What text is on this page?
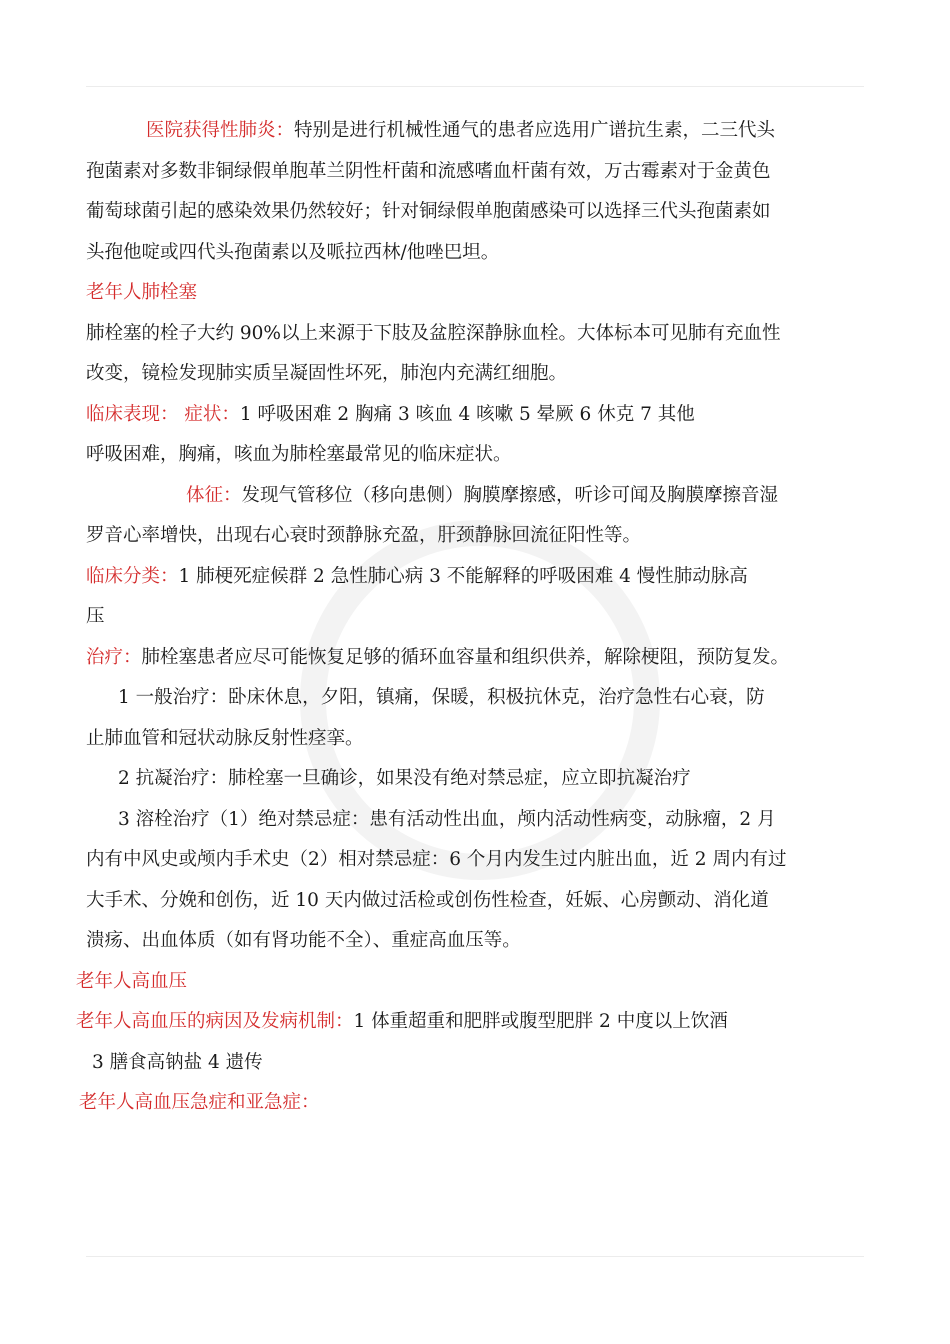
医院获得性肺炎：特别是进行机械性通气的患者应选用广谱抗生素，二三代头
孢菌素对多数非铜绿假单胞革兰阴性杆菌和流感嗜血杆菌有效，万古霉素对于金黄色
葡萄球菌引起的感染效果仍然较好；针对铜绿假单胞菌感染可以选择三代头孢菌素如
头孢他啶或四代头孢菌素以及哌拉西林/他唑巴坦。
老年人肺栓塞
肺栓塞的栓子大约 90%以上来源于下肢及盆腔深静脉血栓。大体标本可见肺有充血性
改变，镜检发现肺实质呈凝固性坏死，肺泡内充满红细胞。
临床表现： 症状：1 呼吸困难 2 胸痛 3 咳血 4 咳嗽 5 晕厥 6 休克 7 其他
呼吸困难，胸痛，咳血为肺栓塞最常见的临床症状。
体征：发现气管移位（移向患侧）胸膜摩擦感，听诊可闻及胸膜摩擦音湿
罗音心率增快，出现右心衰时颈静脉充盈，肝颈静脉回流征阳性等。
临床分类：1 肺梗死症候群 2 急性肺心病 3 不能解释的呼吸困难 4 慢性肺动脉高
压
治疗：肺栓塞患者应尽可能恢复足够的循环血容量和组织供养，解除梗阻，预防复发。
1 一般治疗：卧床休息，夕阳，镇痛，保暖，积极抗休克，治疗急性右心衰，防
止肺血管和冠状动脉反射性痉挛。
2 抗凝治疗：肺栓塞一旦确诊，如果没有绝对禁忌症，应立即抗凝治疗
3 溶栓治疗（1）绝对禁忌症：患有活动性出血，颅内活动性病变，动脉瘤，2 月
内有中风史或颅内手术史（2）相对禁忌症：6 个月内发生过内脏出血，近 2 周内有过
大手术、分娩和创伤，近 10 天内做过活检或创伤性检查，妊娠、心房颤动、消化道
溃疡、出血体质（如有肾功能不全）、重症高血压等。
老年人高血压
老年人高血压的病因及发病机制：1 体重超重和肥胖或腹型肥胖 2 中度以上饮酒
3 膳食高钠盐 4 遗传
老年人高血压急症和亚急症：
